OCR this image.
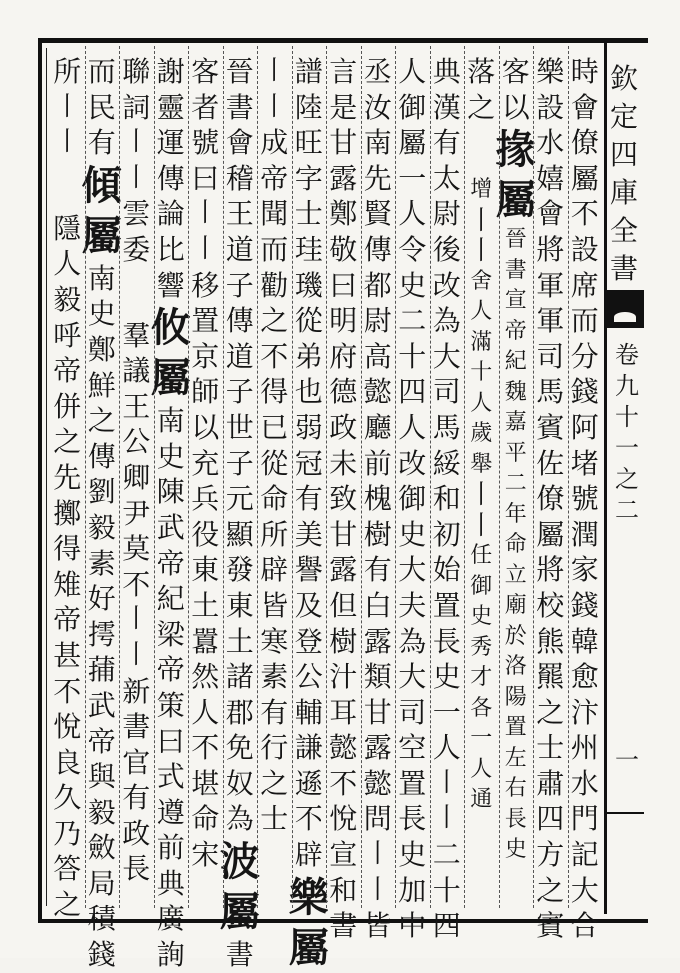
時
會
僚
屬
不
設
席
而
分
錢
阿
堵
號
潤
家
錢
韓
愈
汴
州
水
門
記
大
合
樂
設
水
嬉
會
將
軍
軍
司
馬
賓
佐
僚
屬
將
校
熊
羆
之
士
肅
四
方
之
賓
客
以
掾
屬
晉
書
宣
帝
紀
魏
嘉
平
二
年
命
立
廟
於
洛
陽
置
左
右
長
史
落
之

增
丨
丨
舍
人
滿
十
人
歲
舉
丨
丨
任
御
史
秀
才
各
一
人
通
典
漢
有
太
尉
後
改
為
大
司
馬
綏
和
初
始
置
長
史
一
人
丨
丨
二
十
四
人
御
屬
一
人
令
史
二
十
四
人
改
御
史
大
夫
為
大
司
空
置
長
史
加
中
丞
汝
南
先
賢
傳
都
尉
高
懿
廳
前
槐
樹
有
白
露
類
甘
露
懿
問
丨
丨
皆
言
是
甘
露
鄭
敬
曰
明
府
德
政
未
致
甘
露
但
樹
汁
耳
懿
不
悅
宣
和
書
譜
陸
旺
字
士
珪
璣
從
弟
也
弱
冠
有
美
譽
及
登
公
輔
謙
遜
不
辟
樂
屬
丨
丨
成
帝
聞
而
勸
之
不
得
已
從
命
所
辟
皆
寒
素
有
行
之
士
晉
書
會
稽
王
道
子
傳
道
子
世
子
元
顯
發
東
土
諸
郡
免
奴
為
波
屬
書
客
者
號
曰
丨
丨
移
置
京
師
以
充
兵
役
東
土
囂
然
人
不
堪
命
宋
謝
靈
運
傳
論
比
響
攸
屬
南
史
陳
武
帝
紀
梁
帝
策
曰
式
遵
前
典
廣
詢
聯
詞
丨
丨
雲
委

羣
議
王
公
卿
尹
莫
不
丨
丨
新
書
官
有
政
長
而
民
有
傾
屬
南
史
鄭
鮮
之
傳
劉
毅
素
好
摴
蒱
武
帝
與
毅
斂
局
積
錢
所
丨
丨

隱
人
毅
呼
帝
併
之
先
擲
得
雉
帝
甚
不
悅
良
久
乃
答
之
欽
定
四
庫
全
書
卷
九
十
一
之
二
一
